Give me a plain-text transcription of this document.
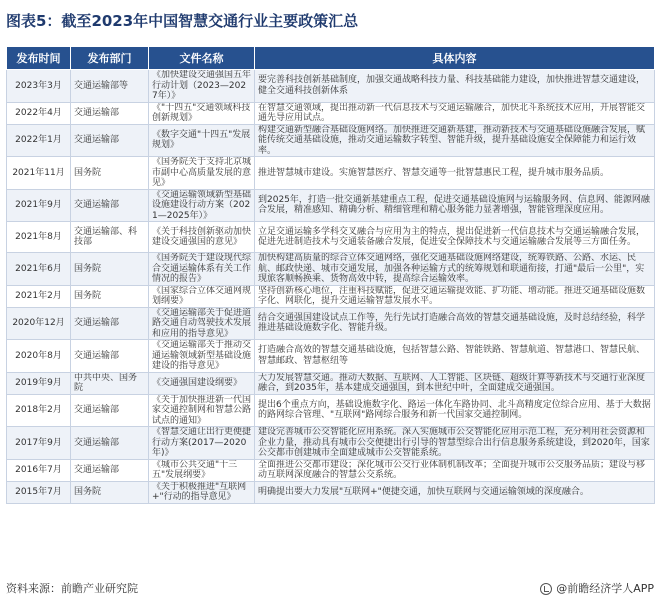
图表5：截至2023年中国智慧交通行业主要政策汇总
发布时间	发布部门	文件名称	具体内容
2023年3月	交通运输部等	《加快建设交通强国五年行动计划（2023—2027年）》	要完善科技创新基础制度，加强交通战略科技力量、科技基础能力建设，加快推进智慧交通建设，健全交通科技创新体系
2022年4月	交通运输部	《"十四五"交通领域科技创新规划》	在智慧交通领域，提出推动新一代信息技术与交通运输融合，加快北斗系统技术应用，开展智能交通先导应用试点。
2022年1月	交通运输部	《数字交通"十四五"发展规划》	构建交通新型融合基础设施网络。加快推进交通新基建，推动新技术与交通基础设施融合发展，赋能传统交通基础设施，推动交通运输数字转型、智能升级，提升基础设施安全保障能力和运行效率。
2021年11月	国务院	《国务院关于支持北京城市副中心高质量发展的意见》	推进智慧城市建设。实施智慧医疗、智慧交通等一批智慧惠民工程，提升城市服务品质。
2021年9月	交通运输部	《交通运输领域新型基础设施建设行动方案（2021—2025年）》	到2025年，打造一批交通新基建重点工程，促进交通基础设施网与运输服务网、信息网、能源网融合发展，精准感知、精确分析、精细管理和精心服务能力显著增强，智能管理深度应用。
2021年8月	交通运输部、科技部	《关于科技创新驱动加快建设交通强国的意见》	立足交通运输多学科交叉融合与应用为主的特点，提出促进新一代信息技术与交通运输融合发展，促进先进制造技术与交通装备融合发展，促进安全保障技术与交通运输融合发展等三方面任务。
2021年6月	国务院	《国务院关于建设现代综合交通运输体系有关工作情况的报告》	加快构建高质量的综合立体交通网络，强化交通基础设施网络建设，统筹铁路、公路、水运、民航、邮政快递、城市交通发展，加强各种运输方式的统筹规划和联通衔接，打通"最后一公里"，实现旅客顺畅换乘、货物高效中转，提高综合运输效率。
2021年2月	国务院	《国家综合立体交通网规划纲要》	坚持创新核心地位，注重科技赋能，促进交通运输提效能、扩功能、增动能。推进交通基础设施数字化、网联化，提升交通运输智慧发展水平。
2020年12月	交通运输部	《交通运输部关于促进道路交通自动驾驶技术发展和应用的指导意见》	结合交通强国建设试点工作等，先行先试打造融合高效的智慧交通基础设施，及时总结经验，科学推进基础设施数字化、智能升级。
2020年8月	交通运输部	《交通运输部关于推动交通运输领域新型基础设施建设的指导意见》	打造融合高效的智慧交通基础设施，包括智慧公路、智能铁路、智慧航道、智慧港口、智慧民航、智慧邮政、智慧枢纽等
2019年9月	中共中央、国务院	《交通强国建设纲要》	大力发展智慧交通。推动大数据、互联网、人工智能、区块链、超级计算等新技术与交通行业深度融合，到2035年，基本建成交通强国，到本世纪中叶，全面建成交通强国。
2018年2月	交通运输部	《关于加快推进新一代国家交通控制网和智慧公路试点的通知》	提出6个重点方向，基础设施数字化、路运一体化车路协同、北斗高精度定位综合应用、基于大数据的路网综合管理、"互联网"路网综合服务和新一代国家交通控制网。
2017年9月	交通运输部	《智慧交通让出行更便捷行动方案(2017—2020年)》	建设完善城市公交智能化应用系统。深入实施城市公交智能化应用示范工程，充分利用社会资源和企业力量，推动具有城市公交便捷出行引导的智慧型综合出行信息服务系统建设，到2020年，国家公交都市创建城市全面建成城市公交智能系统。
2016年7月	交通运输部	《城市公共交通"十三五"发展纲要》	全面推进公交都市建设；深化城市公交行业体制机制改革；全面提升城市公交服务品质；建设与移动互联网深度融合的智慧公交系统。
2015年7月	国务院	《关于积极推进"互联网+"行动的指导意见》	明确提出要大力发展"互联网+"便捷交通，加快互联网与交通运输领域的深度融合。
资料来源：前瞻产业研究院	@前瞻经济学人APP
